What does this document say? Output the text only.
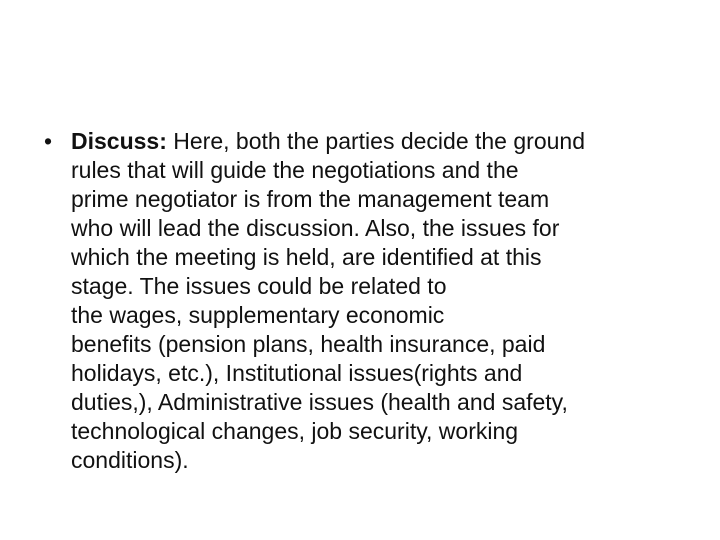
• Discuss: Here, both the parties decide the ground
rules that will guide the negotiations and the
prime negotiator is from the management team
who will lead the discussion. Also, the issues for
which the meeting is held, are identified at this
stage. The issues could be related to
the wages, supplementary economic
benefits (pension plans, health insurance, paid
holidays, etc.), Institutional issues(rights and
duties,), Administrative issues (health and safety,
technological changes, job security, working
conditions).
